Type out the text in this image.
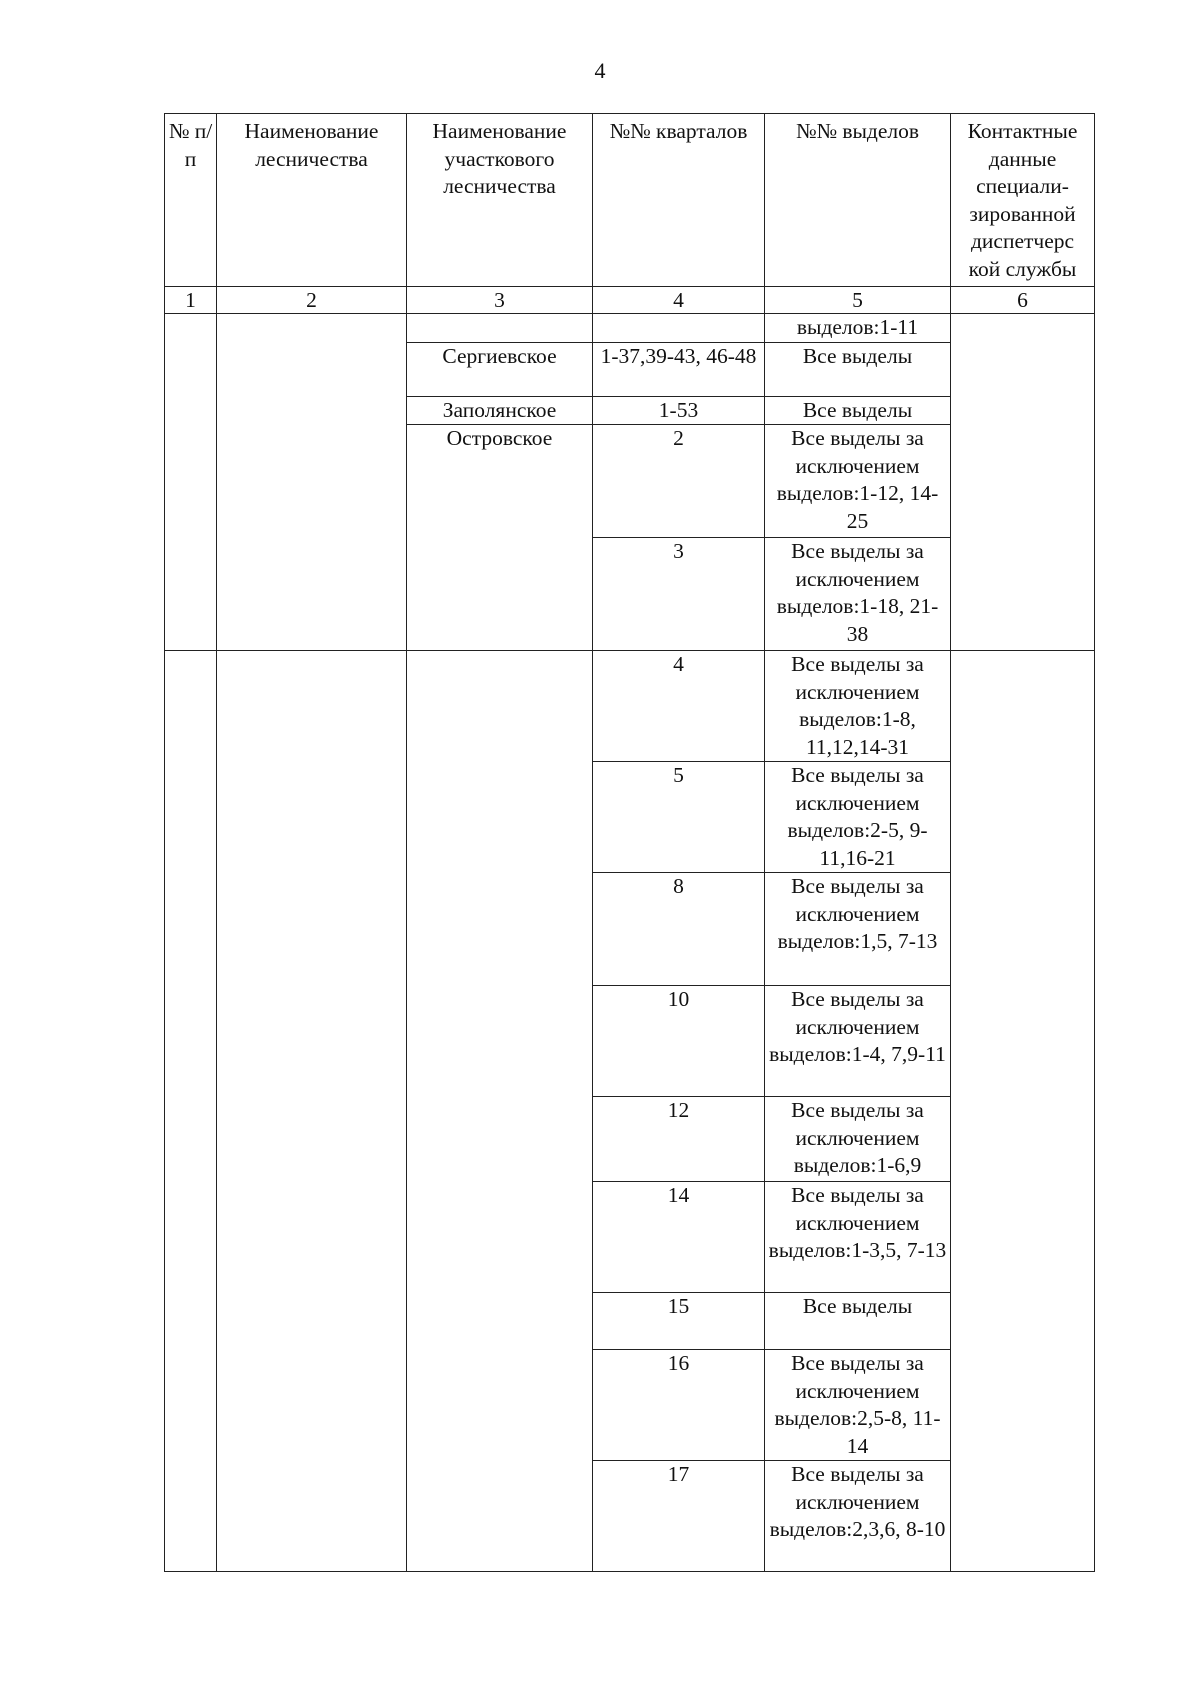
4
№ п/п	Наименование лесничества	Наименование участкового лесничества	№№ кварталов	№№ выделов	Контактные данные специали-зированной диспетчерс кой службы
1	2	3	4	5	6
				выделов:1-11	
		Сергиевское	1-37,39-43, 46-48	Все выделы	
		Заполянское	1-53	Все выделы	
		Островское	2	Все выделы за исключением выделов:1-12, 14-25	
			3	Все выделы за исключением выделов:1-18, 21-38	
			4	Все выделы за исключением выделов:1-8, 11,12,14-31	
			5	Все выделы за исключением выделов:2-5, 9-11,16-21	
			8	Все выделы за исключением выделов:1,5, 7-13	
			10	Все выделы за исключением выделов:1-4, 7,9-11	
			12	Все выделы за исключением выделов:1-6,9	
			14	Все выделы за исключением выделов:1-3,5, 7-13	
			15	Все выделы	
			16	Все выделы за исключением выделов:2,5-8, 11-14	
			17	Все выделы за исключением выделов:2,3,6, 8-10	
